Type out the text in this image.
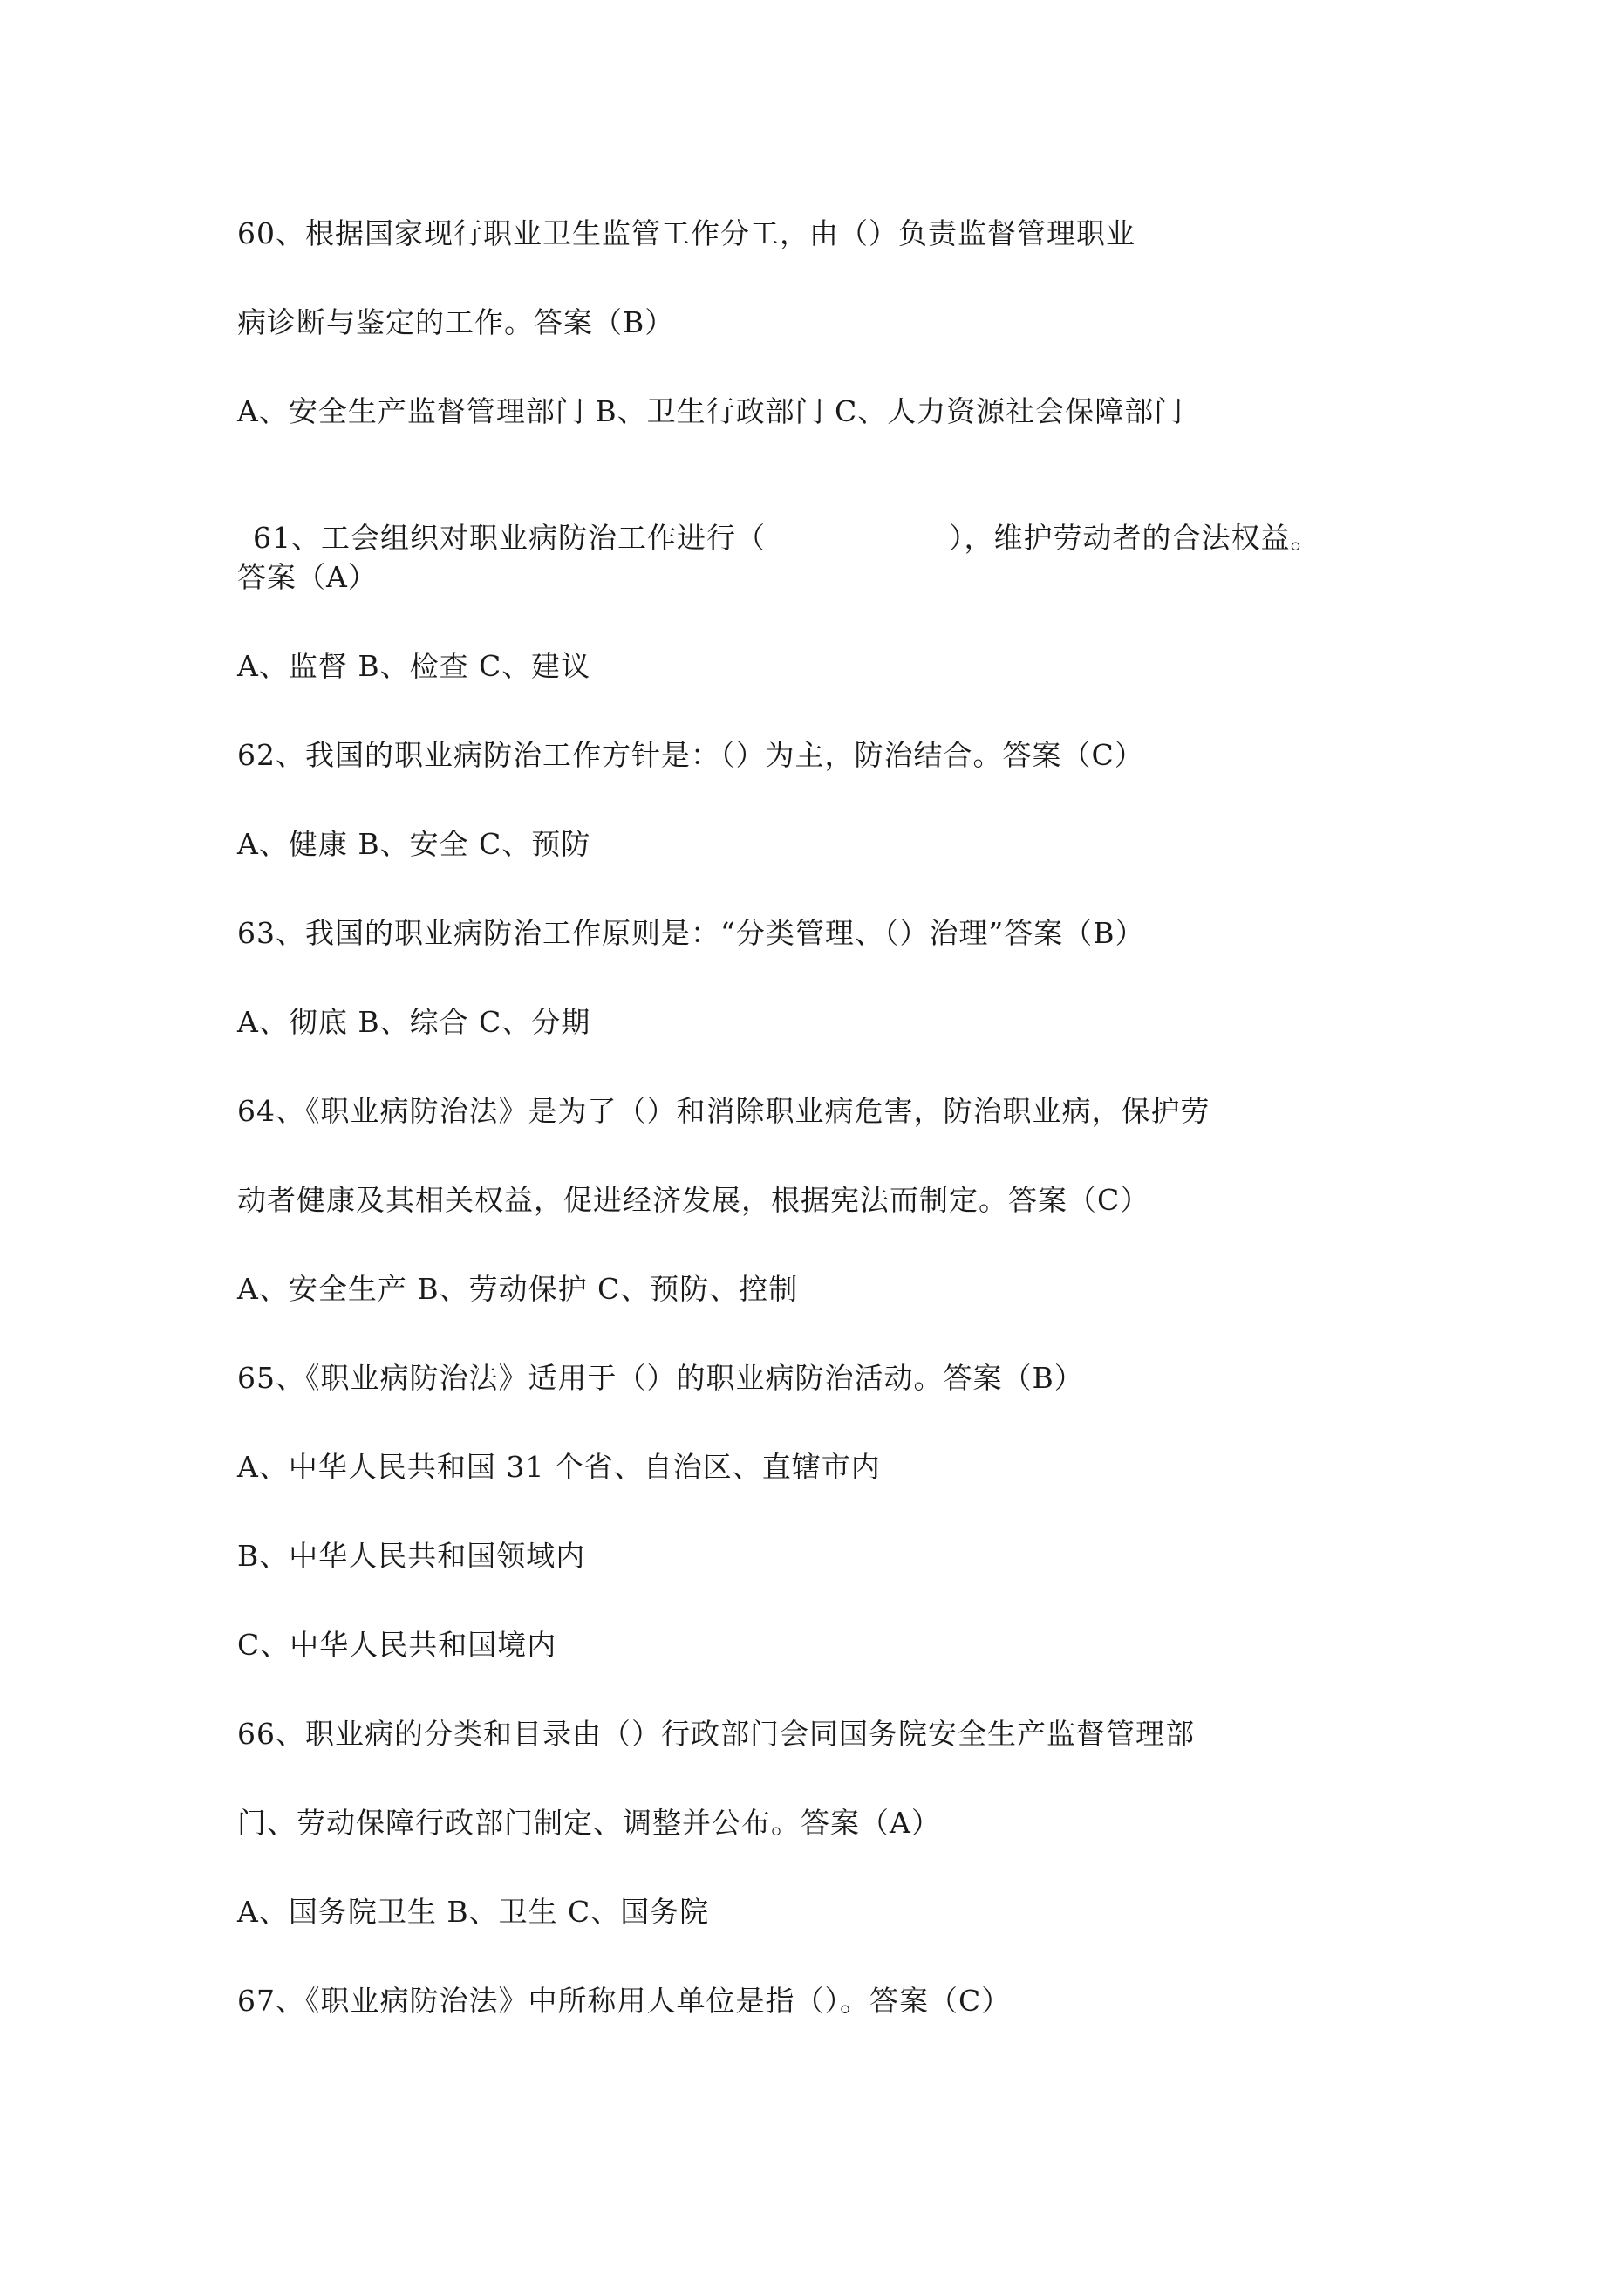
60、根据国家现行职业卫生监管工作分工，由（）负责监督管理职业
病诊断与鉴定的工作。答案（B）
A、安全生产监督管理部门 B、卫生行政部门 C、人力资源社会保障部门
61、工会组织对职业病防治工作进行（	），维护劳动者的合法权益。
答案（A）
A、监督 B、检查 C、建议
62、我国的职业病防治工作方针是：（）为主，防治结合。答案（C）
A、健康 B、安全 C、预防
63、我国的职业病防治工作原则是：“分类管理、（）治理”答案（B）
A、彻底 B、综合 C、分期
64、《职业病防治法》是为了（）和消除职业病危害，防治职业病，保护劳
动者健康及其相关权益，促进经济发展，根据宪法而制定。答案（C）
A、安全生产 B、劳动保护 C、预防、控制
65、《职业病防治法》适用于（）的职业病防治活动。答案（B）
A、中华人民共和国 31 个省、自治区、直辖市内
B、中华人民共和国领域内
C、中华人民共和国境内
66、职业病的分类和目录由（）行政部门会同国务院安全生产监督管理部
门、劳动保障行政部门制定、调整并公布。答案（A）
A、国务院卫生 B、卫生 C、国务院
67、《职业病防治法》中所称用人单位是指（）。答案（C）
